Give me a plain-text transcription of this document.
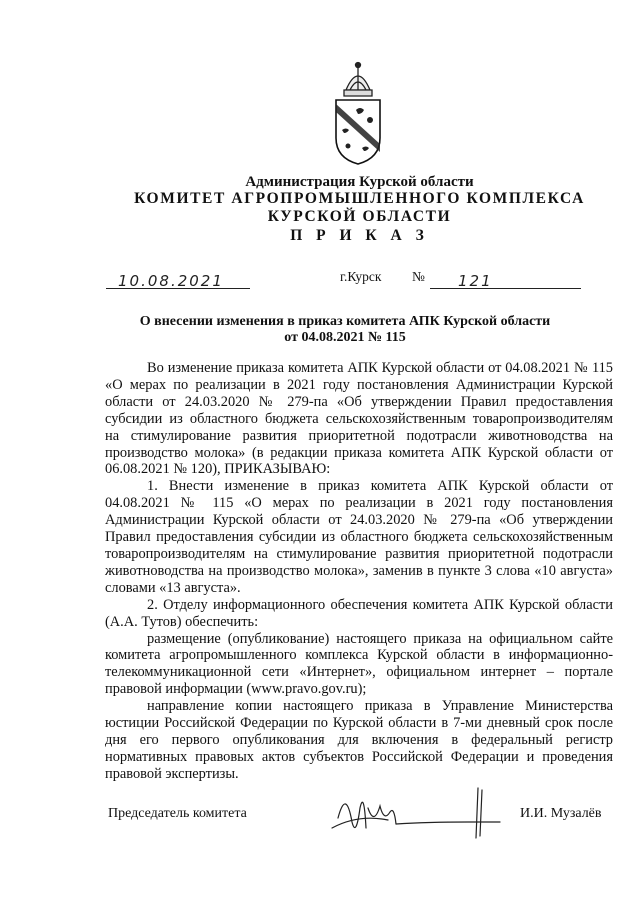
Администрация Курской области
КОМИТЕТ АГРОПРОМЫШЛЕННОГО КОМПЛЕКСА
КУРСКОЙ ОБЛАСТИ
П Р И К А З
10.08.2021	г.Курск № 121
О внесении изменения в приказ комитета АПК Курской области
от 04.08.2021 № 115

Во изменение приказа комитета АПК Курской области от 04.08.2021 № 115 «О мерах по реализации в 2021 году постановления Администрации Курской области от 24.03.2020 № 279-па «Об утверждении Правил предоставления субсидии из областного бюджета сельскохозяйственным товаропроизводителям на стимулирование развития приоритетной подотрасли животноводства на производство молока» (в редакции приказа комитета АПК Курской области от 06.08.2021 № 120), ПРИКАЗЫВАЮ:

1. Внести изменение в приказ комитета АПК Курской области от 04.08.2021 № 115 «О мерах по реализации в 2021 году постановления Администрации Курской области от 24.03.2020 № 279-па «Об утверждении Правил предоставления субсидии из областного бюджета сельскохозяйственным товаропроизводителям на стимулирование развития приоритетной подотрасли животноводства на производство молока», заменив в пункте 3 слова «10 августа» словами «13 августа».

2. Отделу информационного обеспечения комитета АПК Курской области (А.А. Тутов) обеспечить:

размещение (опубликование) настоящего приказа на официальном сайте комитета агропромышленного комплекса Курской области в информационно-телекоммуникационной сети «Интернет», официальном интернет – портале правовой информации (www.pravo.gov.ru);

направление копии настоящего приказа в Управление Министерства юстиции Российской Федерации по Курской области в 7-ми дневный срок после дня его первого опубликования для включения в федеральный регистр нормативных правовых актов субъектов Российской Федерации и проведения правовой экспертизы.

Председатель комитета	И.И. Музалёв
